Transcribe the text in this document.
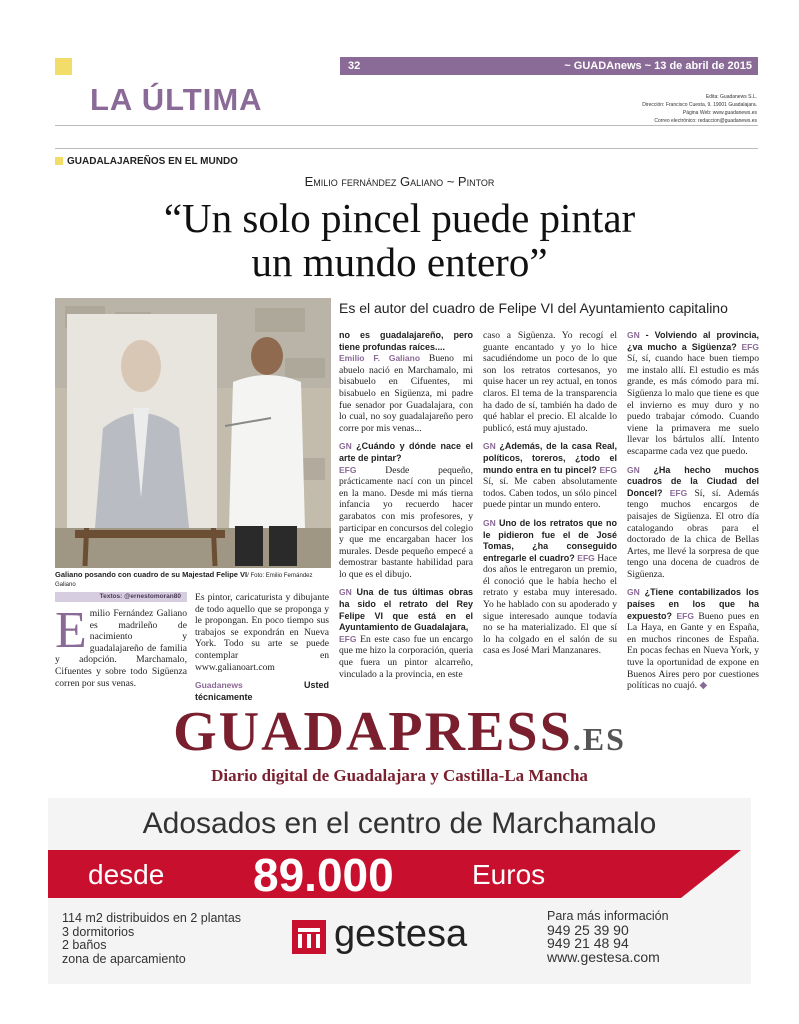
32	~ GUADAnews ~ 13 de abril de 2015
LA ÚLTIMA	Edita: Guadanews S.L.
Dirección: Francisco Cuesta, 9. 19001 Guadalajara.
Página Web: www.guadanews.es
Correo electrónico: redaccion@guadanews.es
GUADALAJAREÑOS EN EL MUNDO
Emilio fernández Galiano ~ Pintor
“Un solo pincel puede pintar
un mundo entero”
Es el autor del cuadro de Felipe VI del Ayuntamiento capitalino
Galiano posando con cuadro de su Majestad Felipe VI/ Foto: Emilio Fernández Galiano
Textos: @ernestomoran80
E milio Fernández Galiano es madrileño de nacimiento y guadalajareño de familia y adopción. Marchamalo, Cifuentes y sobre todo Sigüenza corren por sus venas.

Es pintor, caricaturista y dibujante de todo aquello que se proponga y le propongan. En poco tiempo sus trabajos se expondrán en Nueva York. Todo su arte se puede contemplar en www.galianoart.com

Guadanews	Usted técnicamente

no es guadalajareño, pero tiene profundas raíces....
Emilio F. Galiano Bueno mi abuelo nació en Marchamalo, mi bisabuelo en Cifuentes, mi bisabuelo en Sigüenza, mi padre fue senador por Guadalajara, con lo cual, no soy guadalajareño pero corre por mis venas...

GN ¿Cuándo y dónde nace el arte de pintar?
EFG	Desde pequeño, prácticamente nací con un pincel en la mano. Desde mi más tierna infancia yo recuerdo hacer garabatos con mis profesores, y participar en concursos del colegio y que me encargaban hacer los murales. Desde pequeño empecé a demostrar bastante habilidad para lo que es el dibujo.

GN Una de tus últimas obras ha sido el retrato del Rey Felipe VI que está en el Ayuntamiento de Guadalajara,
EFG En este caso fue un encargo que me hizo la corporación, queria que fuera un pintor alcarreño, vinculado a la provincia, en este

caso a Sigüenza. Yo recogí el guante encantado y yo lo hice sacudiéndome un poco de lo que son los retratos cortesanos, yo quise hacer un rey actual, en tonos claros. El tema de la transparencia ha dado de sí, también ha dado de qué hablar el precio. El alcalde lo publicó, está muy ajustado.

GN ¿Además, de la casa Real, políticos, toreros, ¿todo el mundo entra en tu pincel? EFG Sí, sí. Me caben absolutamente todos. Caben todos, un sólo pincel puede pintar un mundo entero.

GN Uno de los retratos que no le pidieron fue el de José Tomas, ¿ha conseguido entregarle el cuadro? EFG Hace dos años le entregaron un premio, él conoció que le había hecho el retrato y estaba muy interesado. Yo he hablado con su apoderado y sigue interesado aunque todavía no se ha materializado. El que sí lo ha colgado en el salón de su casa es José Mari Manzanares.

GN - Volviendo al provincia, ¿va mucho a Sigüenza? EFG Sí, sí, cuando hace buen tiempo me instalo allí. El estudio es más grande, es más cómodo para mí. Sigüenza lo malo que tiene es que el invierno es muy duro y no puedo trabajar cómodo. Cuando viene la primavera me suelo llevar los bártulos allí. Intento escaparme cada vez que puedo.

GN ¿Ha hecho muchos cuadros de la Ciudad del Doncel? EFG Sí, sí. Además tengo muchos encargos de paisajes de Sigüenza. El otro día catalogando obras para el doctorado de la chica de Bellas Artes, me llevé la sorpresa de que tengo una docena de cuadros de Sigüenza.

GN ¿Tiene contabilizados los países en los que ha expuesto? EFG Bueno pues en La Haya, en Gante y en España, en muchos rincones de España. En pocas fechas en Nueva York, y tuve la oportunidad de expone en Buenos Aires pero por cuestiones políticas no cuajó. ◆

GUADAPRESS.ES
Diario digital de Guadalajara y Castilla-La Mancha
Adosados en el centro de Marchamalo
desde 89.000	Euros
114 m2 distribuidos en 2 plantas
3 dormitorios
2 baños
zona de aparcamiento
gestesa	Para más información
949 25 39 90
949 21 48 94
www.gestesa.com
